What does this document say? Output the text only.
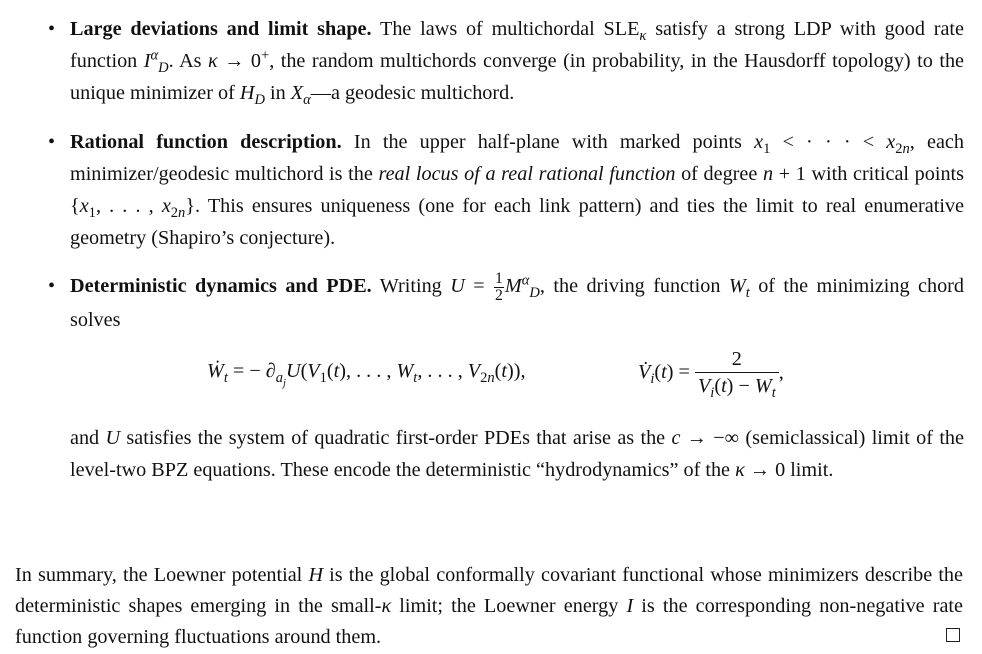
• Large deviations and limit shape. The laws of multichordal $SLE_\kappa$ satisfy a strong LDP with good rate function $I^\alpha_D$. As κ → 0+, the random multichords converge (in probability, in the Hausdorff topology) to the unique minimizer of $H_D$ in $X_\alpha—a$ geodesic multichord.
• Rational function description. In the upper half-plane with marked points $x_1$ < · · · < $x_{2n}$, each minimizer/geodesic multichord is the real locus of a real rational function of degree n + 1 with critical points {$x_1$, . . . , $x_{2n}$}. This ensures uniqueness (one for each link pattern) and ties the limit to real enumerative geometry (Shapiro’s conjecture).
• Deterministic dynamics and PDE. Writing $U = \frac{1}{2} M^\alpha_D$, the driving function $W_t$ of the minimizing chord solves
Ẇ$_t$ = − $\partial_{a_j}U(V_1(t)$, . . . , $W_t$, . . . , $V_{2n}(t)$),	$V̇_i(t) = \frac{2}{V_i(t) - W_t}$ ,
and U satisfies the system of quadratic first-order PDEs that arise as the c → −∞ (semiclassical) limit of the level-two BPZ equations. These encode the deterministic “hydrodynamics” of the κ → 0 limit.
In summary, the Loewner potential H is the global conformally covariant functional whose minimizers describe the deterministic shapes emerging in the small-κ limit; the Loewner energy I is the corresponding non-negative rate function governing fluctuations around them.
